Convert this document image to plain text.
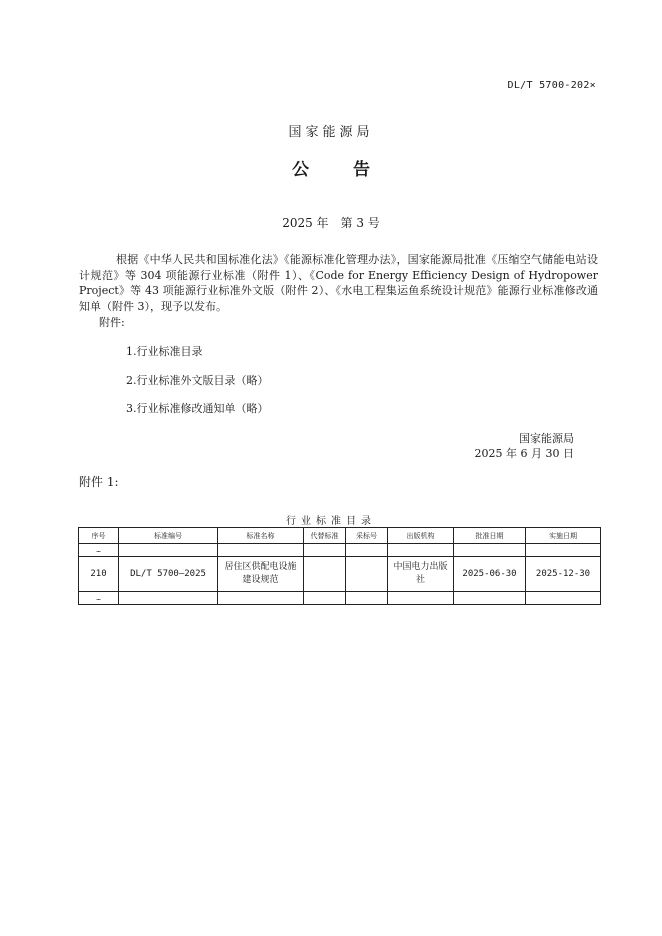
DL/T 5700-202×
国家能源局
公告
2025 年　第 3 号
根据《中华人民共和国标准化法》《能源标准化管理办法》，国家能源局批准《压缩空气储能电站设计规范》等 304 项能源行业标准（附件 1）、《Code for Energy Efficiency Design of Hydropower Project》等 43 项能源行业标准外文版（附件 2）、《水电工程集运鱼系统设计规范》能源行业标准修改通知单（附件 3），现予以发布。
附件:
1.行业标准目录
2.行业标准外文版目录（略）
3.行业标准修改通知单（略）
国家能源局
2025 年 6 月 30 日
附件 1:
行业标准目录
序号	标准编号	标准名称	代替标准	采标号	出版机构	批准日期	实施日期
…							
210	DL/T 5700—2025	居住区供配电设施建设规范			中国电力出版社	2025-06-30	2025-12-30
…							
